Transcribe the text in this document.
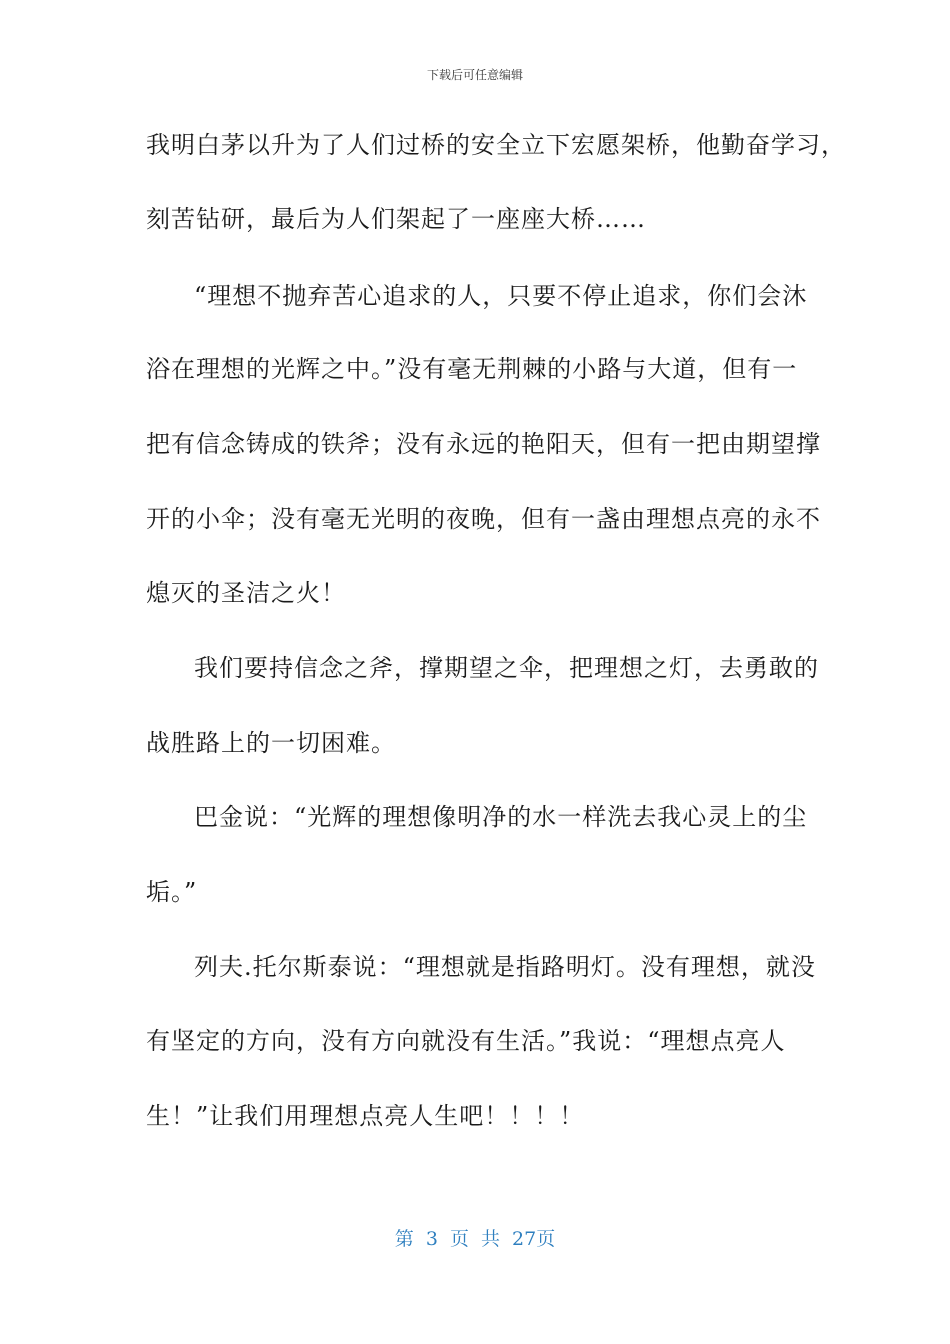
下载后可任意编辑
我明白茅以升为了人们过桥的安全立下宏愿架桥，他勤奋学习，
刻苦钻研，最后为人们架起了一座座大桥……
“理想不抛弃苦心追求的人，只要不停止追求，你们会沐
浴在理想的光辉之中。”没有毫无荆棘的小路与大道，但有一
把有信念铸成的铁斧；没有永远的艳阳天，但有一把由期望撑
开的小伞；没有毫无光明的夜晚，但有一盏由理想点亮的永不
熄灭的圣洁之火！
我们要持信念之斧，撑期望之伞，把理想之灯，去勇敢的
战胜路上的一切困难。
巴金说：“光辉的理想像明净的水一样洗去我心灵上的尘
垢。”
列夫.托尔斯泰说：“理想就是指路明灯。没有理想，就没
有坚定的方向，没有方向就没有生活。”我说：“理想点亮人
生！”让我们用理想点亮人生吧！！！！
第 3 页 共 27页
